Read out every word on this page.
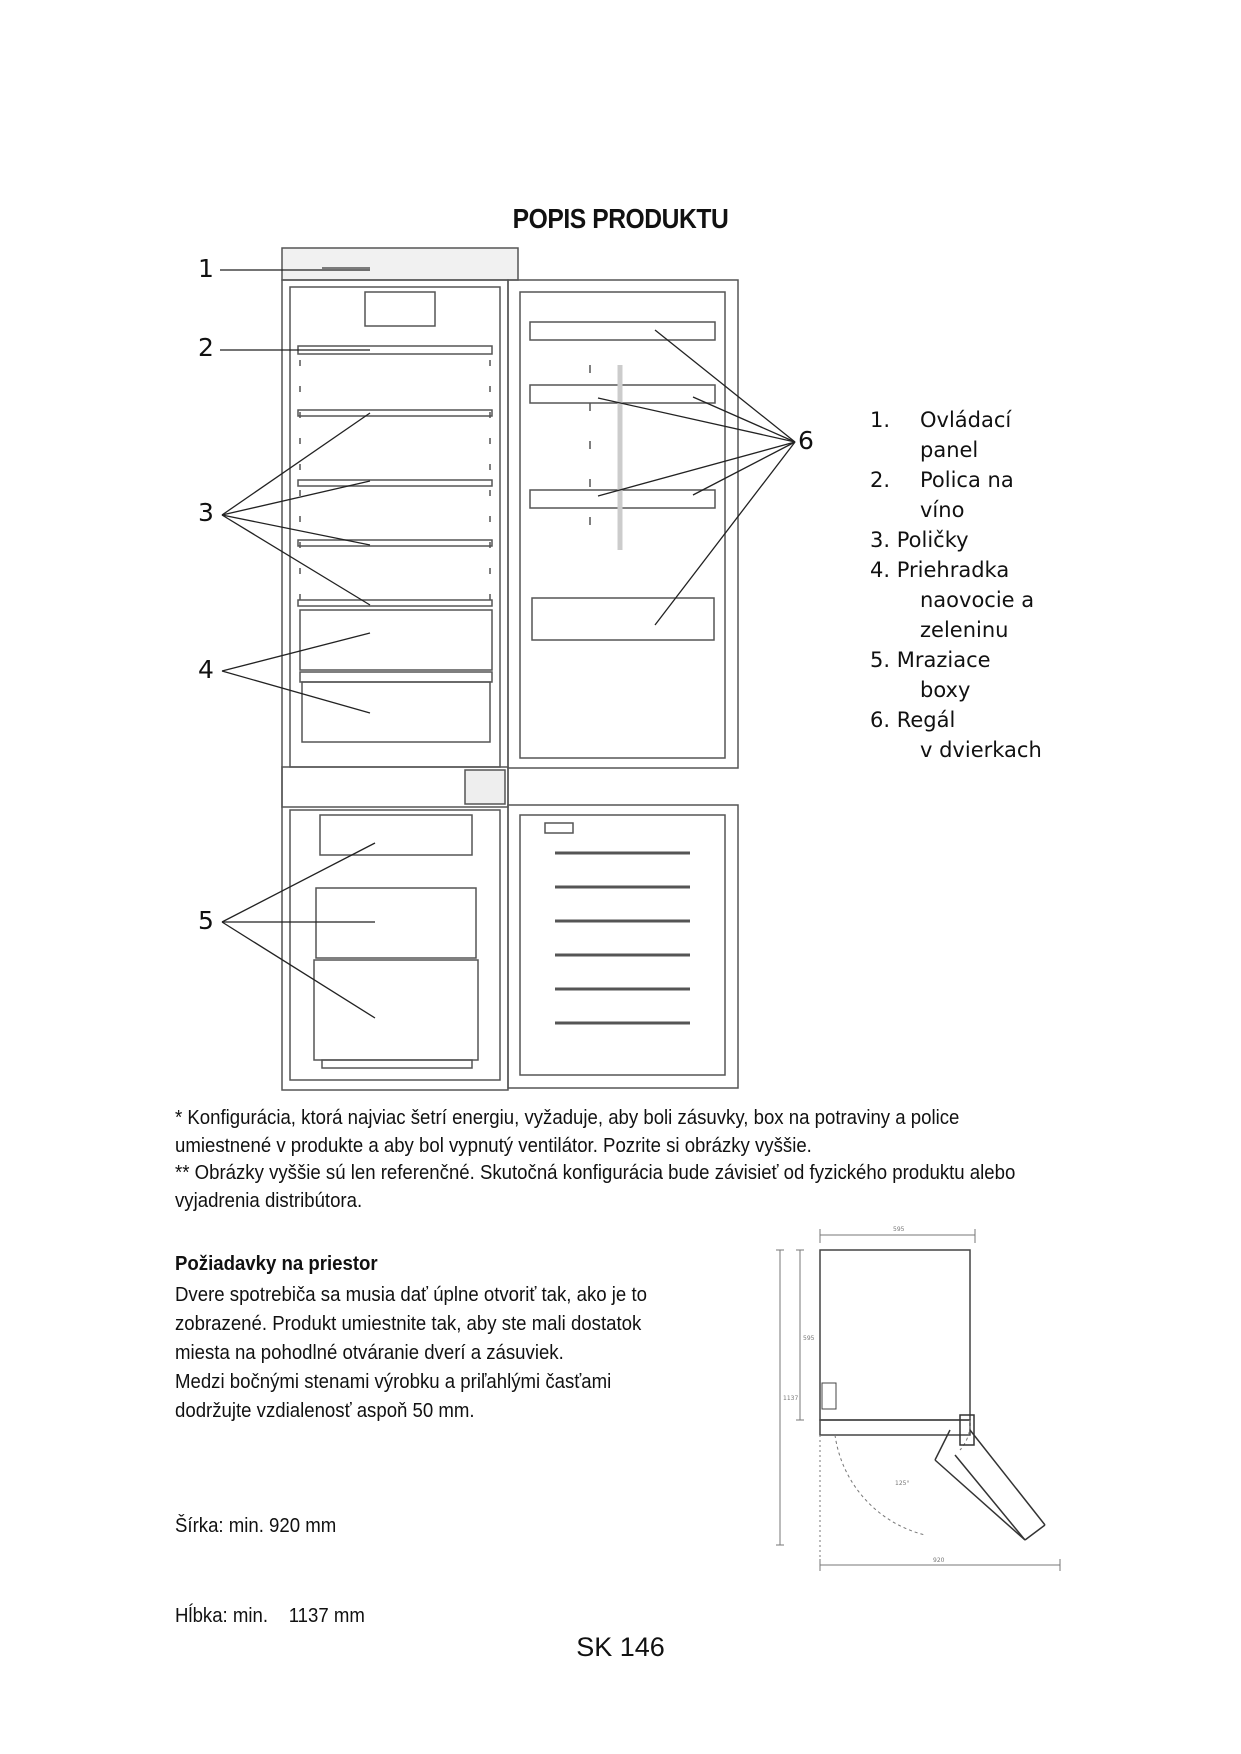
POPIS PRODUKTU
1
2
3
4
5
6
1. Ovládací
panel
2. Polica na
víno
3. Poličky
4. Priehradka
naovocie a
zeleninu
5. Mraziace
boxy
6. Regál
v dvierkach
* Konfigurácia, ktorá najviac šetrí energiu, vyžaduje, aby boli zásuvky, box na potraviny a police
umiestnené v produkte a aby bol vypnutý ventilátor. Pozrite si obrázky vyššie.
** Obrázky vyššie sú len referenčné. Skutočná konfigurácia bude závisieť od fyzického produktu alebo
vyjadrenia distribútora.
Požiadavky na priestor
Dvere spotrebiča sa musia dať úplne otvoriť tak, ako je to
zobrazené. Produkt umiestnite tak, aby ste mali dostatok
miesta na pohodlné otváranie dverí a zásuviek.
Medzi bočnými stenami výrobku a priľahlými časťami
dodržujte vzdialenosť aspoň 50 mm.

Šírka: min. 920 mm

Hĺbka: min.    1137 mm

595
595
1137
920
125°
SK 146
